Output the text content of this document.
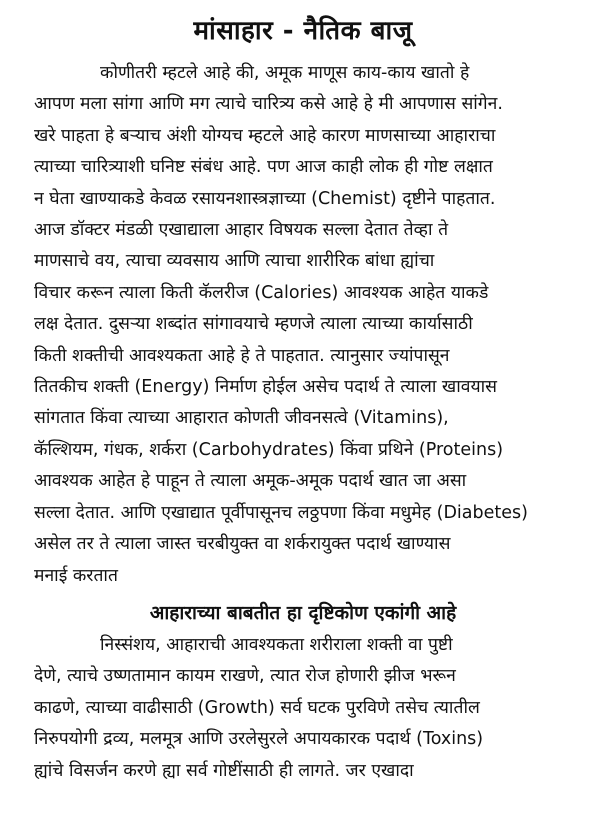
मांसाहार - नैतिक बाजू

कोणीतरी म्हटले आहे की, अमूक माणूस काय-काय खातो हे
आपण मला सांगा आणि मग त्याचे चारित्र्य कसे आहे हे मी आपणास सांगेन.
खरे पाहता हे बऱ्याच अंशी योग्यच म्हटले आहे कारण माणसाच्या आहाराचा
त्याच्या चारित्र्याशी घनिष्ट संबंध आहे. पण आज काही लोक ही गोष्ट लक्षात
न घेता खाण्याकडे केवळ रसायनशास्त्रज्ञाच्या (Chemist) दृष्टीने पाहतात.
आज डॉक्टर मंडळी एखाद्याला आहार विषयक सल्ला देतात तेव्हा ते
माणसाचे वय, त्याचा व्यवसाय आणि त्याचा शारीरिक बांधा ह्यांचा
विचार करून त्याला किती कॅलरीज (Calories) आवश्यक आहेत याकडे
लक्ष देतात. दुसऱ्या शब्दांत सांगावयाचे म्हणजे त्याला त्याच्या कार्यासाठी
किती शक्तीची आवश्यकता आहे हे ते पाहतात. त्यानुसार ज्यांपासून
तितकीच शक्ती (Energy) निर्माण होईल असेच पदार्थ ते त्याला खावयास
सांगतात किंवा त्याच्या आहारात कोणती जीवनसत्वे (Vitamins),
कॅल्शियम, गंधक, शर्करा (Carbohydrates) किंवा प्रथिने (Proteins)
आवश्यक आहेत हे पाहून ते त्याला अमूक-अमूक पदार्थ खात जा असा
सल्ला देतात. आणि एखाद्यात पूर्वीपासूनच लठ्ठपणा किंवा मधुमेह (Diabetes)
असेल तर ते त्याला जास्त चरबीयुक्त वा शर्करायुक्त पदार्थ खाण्यास
मनाई करतात

आहाराच्या बाबतीत हा दृष्टिकोण एकांगी आहे

निस्संशय, आहाराची आवश्यकता शरीराला शक्ती वा पुष्टी
देणे, त्याचे उष्णतामान कायम राखणे, त्यात रोज होणारी झीज भरून
काढणे, त्याच्या वाढीसाठी (Growth) सर्व घटक पुरविणे तसेच त्यातील
निरुपयोगी द्रव्य, मलमूत्र आणि उरलेसुरले अपायकारक पदार्थ (Toxins)
ह्यांचे विसर्जन करणे ह्या सर्व गोष्टींसाठी ही लागते. जर एखादा
